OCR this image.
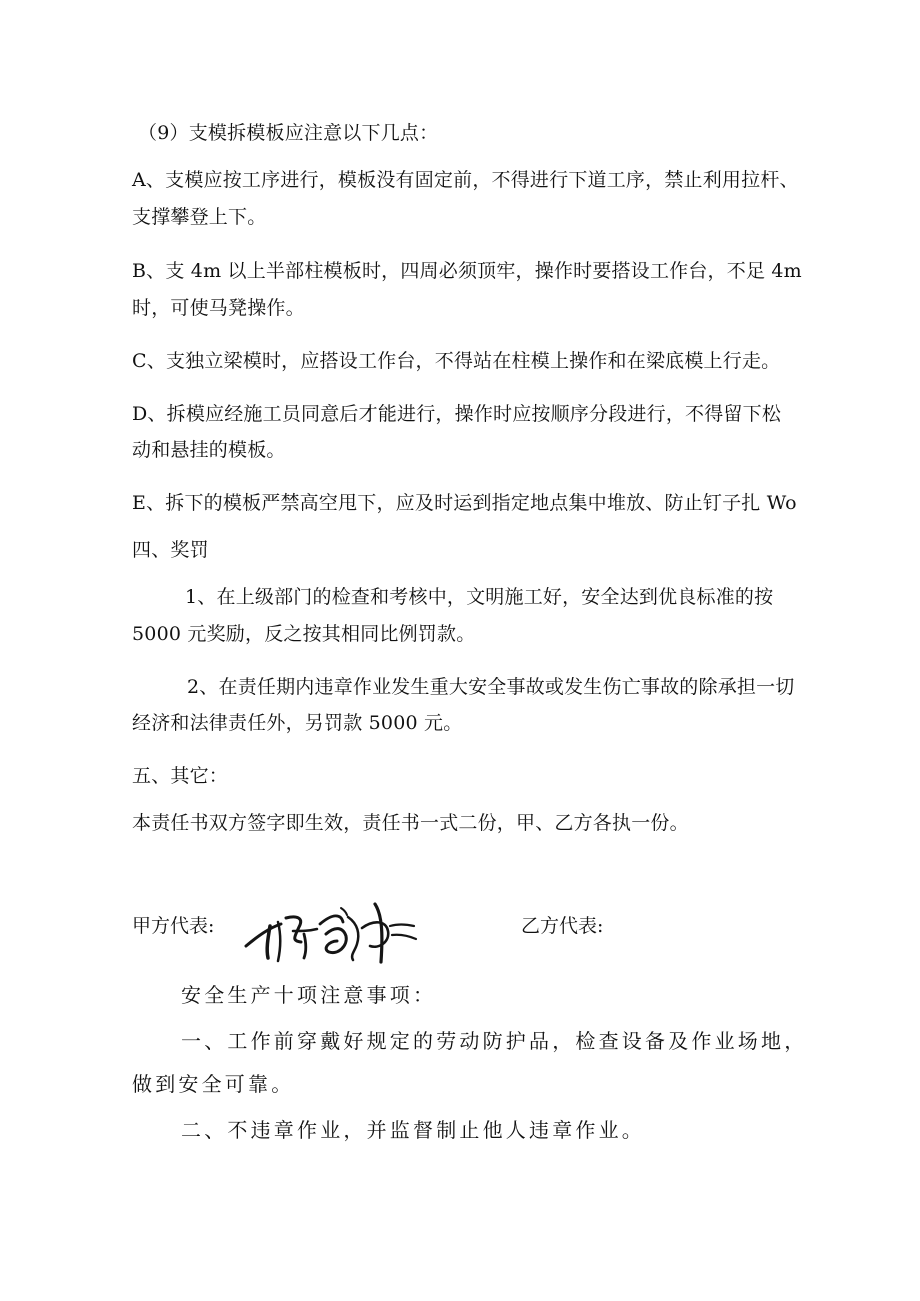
（9）支模拆模板应注意以下几点：
A、支模应按工序进行，模板没有固定前，不得进行下道工序，禁止利用拉杆、
支撑攀登上下。
B、支 4m 以上半部柱模板时，四周必须顶牢，操作时要搭设工作台，不足 4m
时，可使马凳操作。
C、支独立梁模时，应搭设工作台，不得站在柱模上操作和在梁底模上行走。
D、拆模应经施工员同意后才能进行，操作时应按顺序分段进行，不得留下松
动和悬挂的模板。
E、拆下的模板严禁高空甩下，应及时运到指定地点集中堆放、防止钉子扎 Wo
四、奖罚
1、在上级部门的检查和考核中，文明施工好，安全达到优良标准的按
5000 元奖励，反之按其相同比例罚款。
2、在责任期内违章作业发生重大安全事故或发生伤亡事故的除承担一切
经济和法律责任外，另罚款 5000 元。
五、其它：
本责任书双方签字即生效，责任书一式二份，甲、乙方各执一份。
甲方代表:	乙方代表:
安全生产十项注意事项：
一、工作前穿戴好规定的劳动防护品，检查设备及作业场地，
做到安全可靠。
二、不违章作业，并监督制止他人违章作业。
